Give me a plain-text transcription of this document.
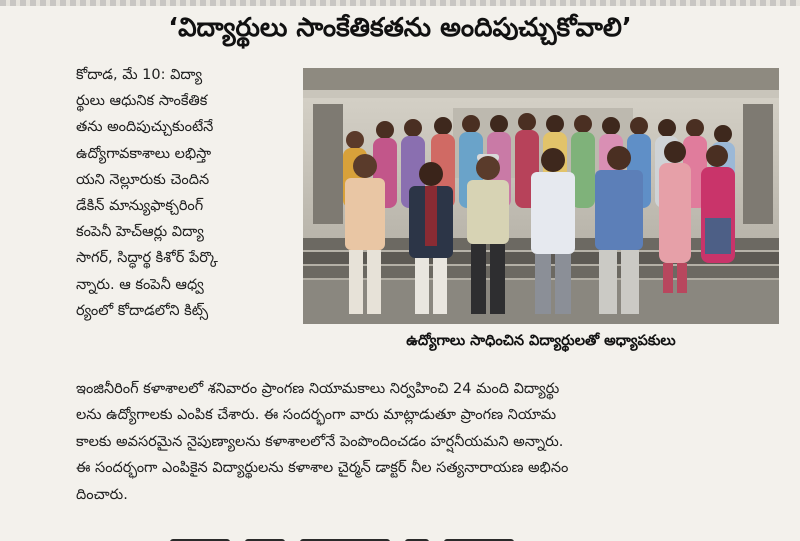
‘విద్యార్థులు సాంకేతికతను అందిపుచ్చుకోవాలి’

కోదాడ, మే 10: విద్యా

ర్థులు ఆధునిక సాంకేతిక

తను అందిపుచ్చుకుంటేనే

ఉద్యోగావకాశాలు లభిస్తా

యని నెల్లూరుకు చెందిన

డేకిన్ మాన్యుఫాక్చరింగ్

కంపెనీ హెచ్ఆర్లు విద్యా

సాగర్, సిద్ధార్థ కిశోర్ పేర్కొ

న్నారు. ఆ కంపెనీ ఆధ్వ

ర్యంలో కోదాడలోని కిట్స్

ఉద్యోగాలు సాధించిన విద్యార్థులతో అధ్యాపకులు

ఇంజినీరింగ్ కళాశాలలో శనివారం ప్రాంగణ నియామకాలు నిర్వహించి 24 మంది విద్యార్థు

లను ఉద్యోగాలకు ఎంపిక చేశారు. ఈ సందర్భంగా వారు మాట్లాడుతూ ప్రాంగణ నియామ

కాలకు అవసరమైన నైపుణ్యాలను కళాశాలలోనే పెంపొందించడం హర్షనీయమని అన్నారు.

ఈ సందర్భంగా ఎంపికైన విద్యార్థులను కళాశాల చైర్మన్ డాక్టర్ నీల సత్యనారాయణ అభినం

దించారు.
